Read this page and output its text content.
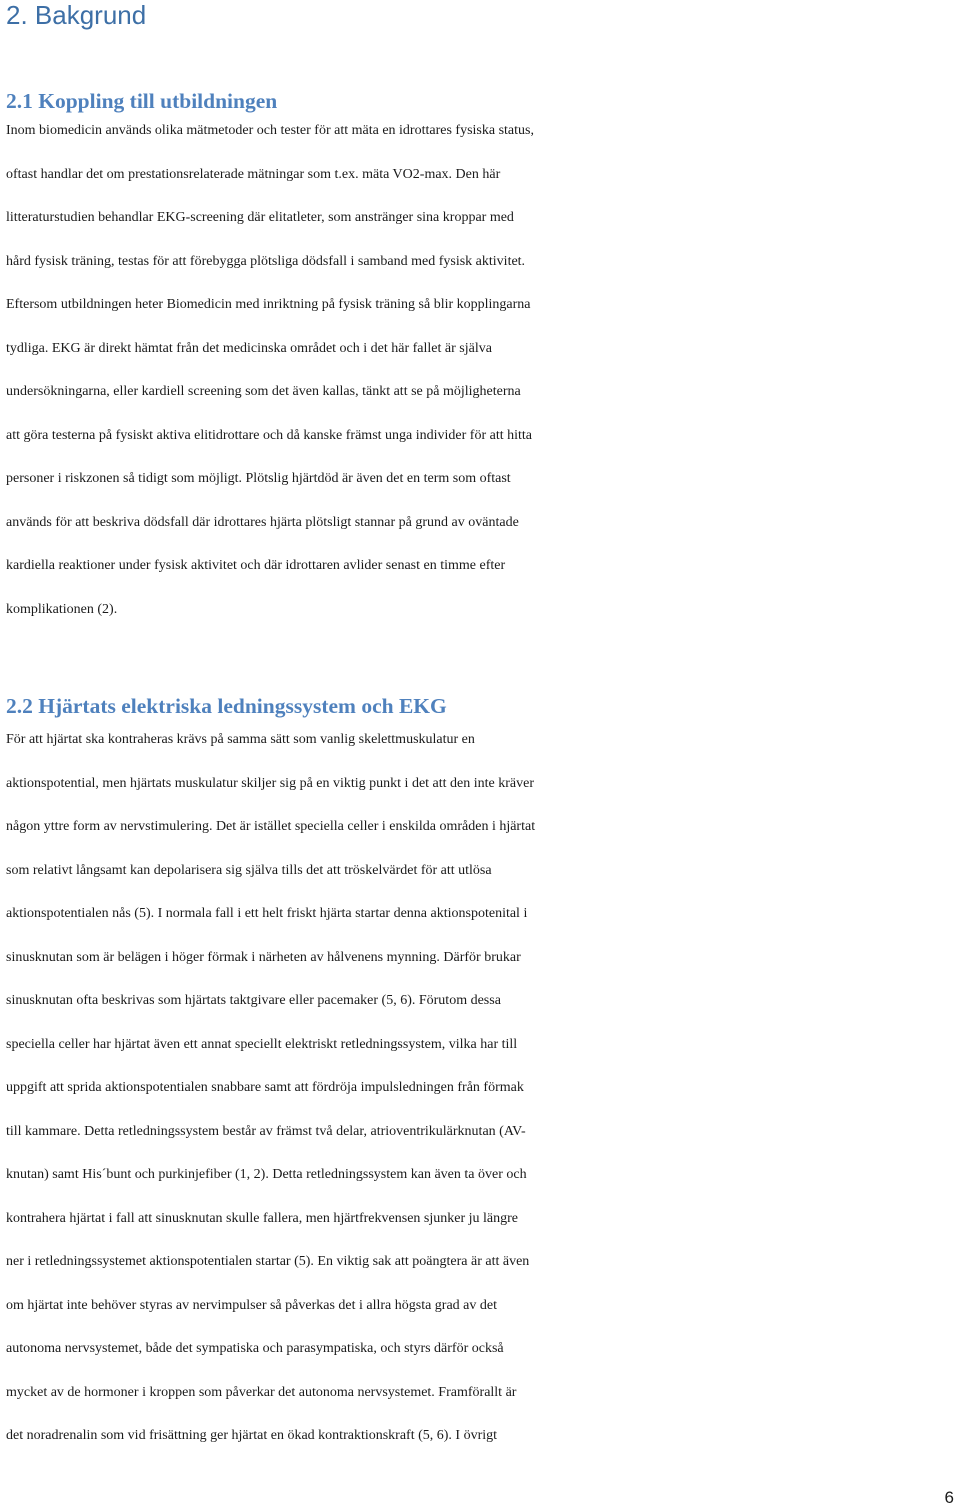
2. Bakgrund
2.1 Koppling till utbildningen
Inom biomedicin används olika mätmetoder och tester för att mäta en idrottares fysiska status,
oftast handlar det om prestationsrelaterade mätningar som t.ex. mäta VO2-max. Den här
litteraturstudien behandlar EKG-screening där elitatleter, som anstränger sina kroppar med
hård fysisk träning, testas för att förebygga plötsliga dödsfall i samband med fysisk aktivitet.
Eftersom utbildningen heter Biomedicin med inriktning på fysisk träning så blir kopplingarna
tydliga. EKG är direkt hämtat från det medicinska området och i det här fallet är själva
undersökningarna, eller kardiell screening som det även kallas, tänkt att se på möjligheterna
att göra testerna på fysiskt aktiva elitidrottare och då kanske främst unga individer för att hitta
personer i riskzonen så tidigt som möjligt. Plötslig hjärtdöd är även det en term som oftast
används för att beskriva dödsfall där idrottares hjärta plötsligt stannar på grund av oväntade
kardiella reaktioner under fysisk aktivitet och där idrottaren avlider senast en timme efter
komplikationen (2).
2.2 Hjärtats elektriska ledningssystem och EKG
För att hjärtat ska kontraheras krävs på samma sätt som vanlig skelettmuskulatur en
aktionspotential, men hjärtats muskulatur skiljer sig på en viktig punkt i det att den inte kräver
någon yttre form av nervstimulering. Det är istället speciella celler i enskilda områden i hjärtat
som relativt långsamt kan depolarisera sig själva tills det att tröskelvärdet för att utlösa
aktionspotentialen nås (5). I normala fall i ett helt friskt hjärta startar denna aktionspotenital i
sinusknutan som är belägen i höger förmak i närheten av hålvenens mynning. Därför brukar
sinusknutan ofta beskrivas som hjärtats taktgivare eller pacemaker (5, 6). Förutom dessa
speciella celler har hjärtat även ett annat speciellt elektriskt retledningssystem, vilka har till
uppgift att sprida aktionspotentialen snabbare samt att fördröja impulsledningen från förmak
till kammare. Detta retledningssystem består av främst två delar, atrioventrikulärknutan (AV-
knutan) samt His´bunt och purkinjefiber (1, 2). Detta retledningssystem kan även ta över och
kontrahera hjärtat i fall att sinusknutan skulle fallera, men hjärtfrekvensen sjunker ju längre
ner i retledningssystemet aktionspotentialen startar (5). En viktig sak att poängtera är att även
om hjärtat inte behöver styras av nervimpulser så påverkas det i allra högsta grad av det
autonoma nervsystemet, både det sympatiska och parasympatiska, och styrs därför också
mycket av de hormoner i kroppen som påverkar det autonoma nervsystemet. Framförallt är
det noradrenalin som vid frisättning ger hjärtat en ökad kontraktionskraft (5, 6). I övrigt
6
